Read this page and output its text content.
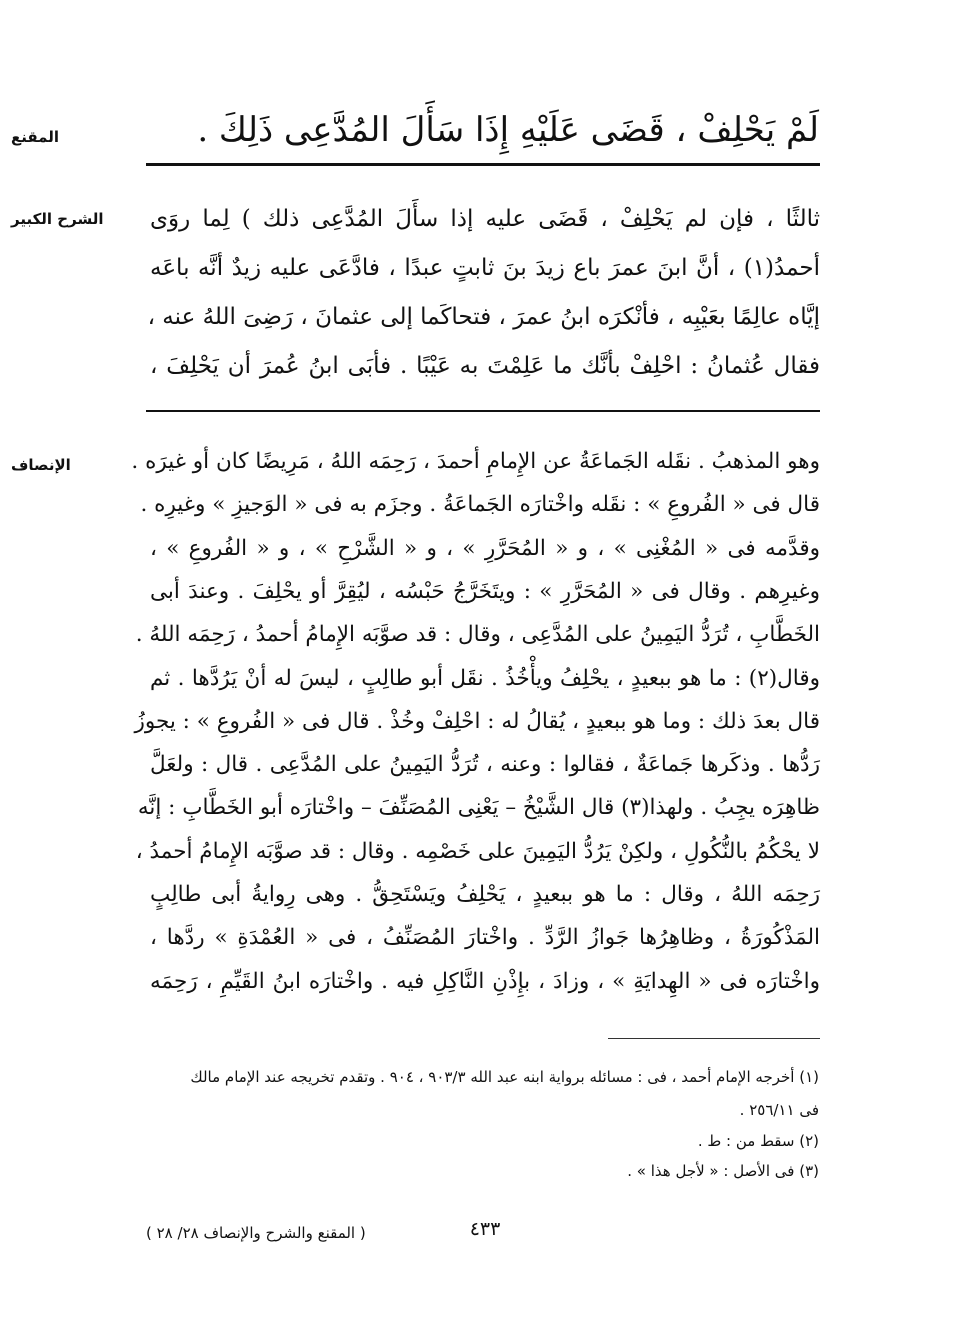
المقنع	لَمْ يَحْلِفْ ، قَضَى عَلَيْهِ إِذَا سَأَلَ المُدَّعِى ذَلِكَ .
الشرح الكبير	ثالثًا ، فإن لم يَحْلِفْ ، قَضَى عليه إذا سأَلَ المُدَّعِى ذلك ) لِما روَى
أحمدُ(١) ، أنَّ ابنَ عمرَ باع زيدَ بنَ ثابتٍ عبدًا ، فادَّعَى عليه زيدٌ أنَّه باعَه
إيَّاه عالِمًا بعَيْبِه ، فأنْكرَه ابنُ عمرَ ، فتحاكَما إلى عثمانَ ، رَضِىَ اللهُ عنه ،
فقال عُثمانُ : احْلِفْ بأنَّك ما عَلِمْتَ به عَيْبًا . فأبَى ابنُ عُمرَ أن يَحْلِفَ ،
الإنصاف	وهو المذهبُ . نقَله الجَماعَةُ عن الإِمامِ أحمدَ ، رَحِمَه اللهُ ، مَرِيضًا كان أو غيرَه .
قال فى « الفُروعِ » : نقَله واخْتارَه الجَماعَةُ . وجزَم به فى « الوَجيزِ » وغيرِه .
وقدَّمه فى « المُغْنِى » ، و « المُحَرَّرِ » ، و « الشَّرْحِ » ، و « الفُروعِ » ،
وغيرِهم . وقال فى « المُحَرَّرِ » : ويتَخَرَّجُ حَبْسُه ، ليُقِرَّ أو يحْلِفَ . وعندَ أبى
الخَطَّابِ ، تُرَدُّ اليَمِينُ على المُدَّعِى ، وقال : قد صوَّبَه الإِمامُ أحمدُ ، رَحِمَه اللهُ .
وقال(٢) : ما هو ببعيدٍ ، يحْلِفُ ويأْخُذُ . نقَل أبو طالِبٍ ، ليسَ له أنْ يَرُدَّها . ثم
قال بعدَ ذلك : وما هو ببعيدٍ ، يُقالُ له : احْلِفْ وخُذْ . قال فى « الفُروعِ » : يجوزُ
رَدُّها . وذكَرها جَماعَةٌ ، فقالوا : وعنه ، تُرَدُّ اليَمِينُ على المُدَّعِى . قال : ولعَلَّ
ظاهِرَه يجِبُ . ولهذا(٣) قال الشَّيْخُ – يَعْنِى المُصَنِّفَ – واخْتارَه أبو الخَطَّابِ : إنَّه
لا يحْكُمُ بالنُّكُولِ ، ولكِنْ يَرُدُّ اليَمِينَ على خَصْمِه . وقال : قد صوَّبَه الإِمامُ أحمدُ ،
رَحِمَه اللهُ ، وقال : ما هو ببعيدٍ ، يَحْلِفُ ويَسْتَحِقُّ . وهى رِوايةُ أبى طالِبٍ
المَذْكُورَةُ ، وظاهِرُها جَوازُ الرَّدِّ . واخْتارَ المُصَنِّفُ ، فى « العُمْدَةِ » ردَّها ،
واخْتارَه فى « الهِدايَةِ » ، وزادَ ، بإِذْنِ النَّاكِلِ فيه . واخْتارَه ابنُ القَيِّمِ ، رَحِمَه
(١) أخرجه الإمام أحمد ، فى : مسائله برواية ابنه عبد الله ٩٠٣/٣ ، ٩٠٤ . وتقدم تخريجه عند الإمام مالك
فى ٢٥٦/١١ .
(٢) سقط من : ط .
(٣) فى الأصل : « لأجل هذا » .
٤٣٣
( المقنع والشرح والإنصاف ٢٨/ ٢٨ )
